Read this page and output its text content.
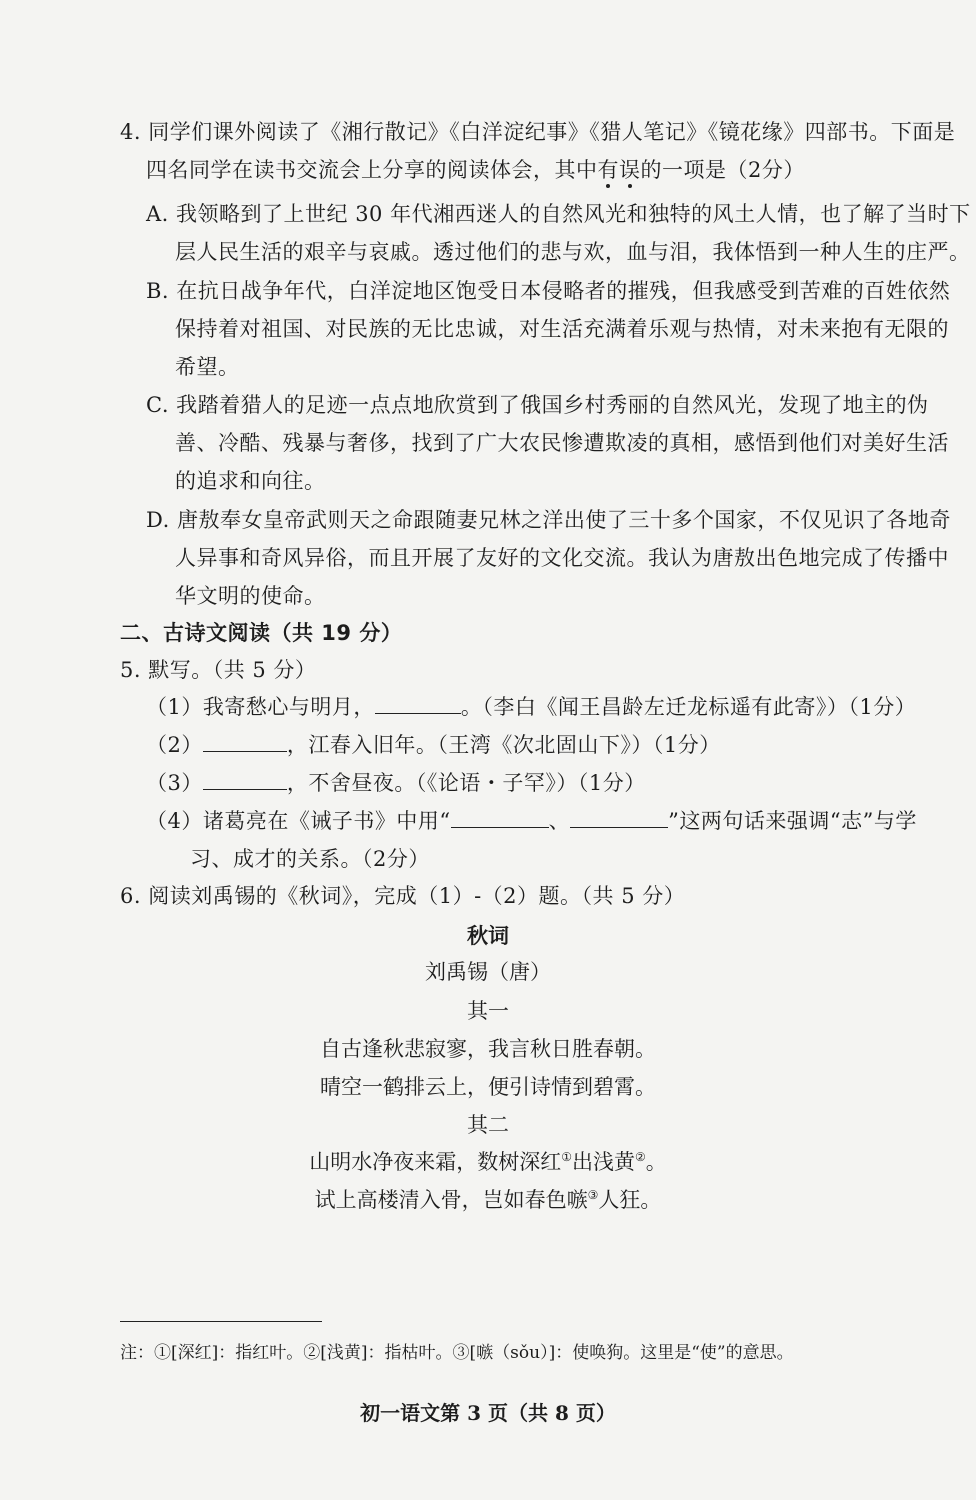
4. 同学们课外阅读了《湘行散记》《白洋淀纪事》《猎人笔记》《镜花缘》四部书。下面是
四名同学在读书交流会上分享的阅读体会，其中有误的一项是（2分）
A. 我领略到了上世纪 30 年代湘西迷人的自然风光和独特的风土人情，也了解了当时下
层人民生活的艰辛与哀戚。透过他们的悲与欢，血与泪，我体悟到一种人生的庄严。
B. 在抗日战争年代，白洋淀地区饱受日本侵略者的摧残，但我感受到苦难的百姓依然
保持着对祖国、对民族的无比忠诚，对生活充满着乐观与热情，对未来抱有无限的
希望。
C. 我踏着猎人的足迹一点点地欣赏到了俄国乡村秀丽的自然风光，发现了地主的伪
善、冷酷、残暴与奢侈，找到了广大农民惨遭欺凌的真相，感悟到他们对美好生活
的追求和向往。
D. 唐敖奉女皇帝武则天之命跟随妻兄林之洋出使了三十多个国家，不仅见识了各地奇
人异事和奇风异俗，而且开展了友好的文化交流。我认为唐敖出色地完成了传播中
华文明的使命。
二、古诗文阅读（共 19 分）
5. 默写。（共 5 分）
（1）我寄愁心与明月，	。（李白《闻王昌龄左迁龙标遥有此寄》）（1分）
（2）	，江春入旧年。（王湾《次北固山下》）（1分）
（3）	，不舍昼夜。（《论语・子罕》）（1分）
（4）诸葛亮在《诫子书》中用“	、	”这两句话来强调“志”与学
习、成才的关系。（2分）
6. 阅读刘禹锡的《秋词》，完成（1）-（2）题。（共 5 分）
秋词
刘禹锡（唐）
其一
自古逢秋悲寂寥，我言秋日胜春朝。
晴空一鹤排云上，便引诗情到碧霄。
其二
山明水净夜来霜，数树深红①出浅黄②。
试上高楼清入骨，岂如春色嗾③人狂。
注：①[深红]：指红叶。②[浅黄]：指枯叶。③[嗾（sǒu）]：使唤狗。这里是“使”的意思。
初一语文第 3 页（共 8 页）
